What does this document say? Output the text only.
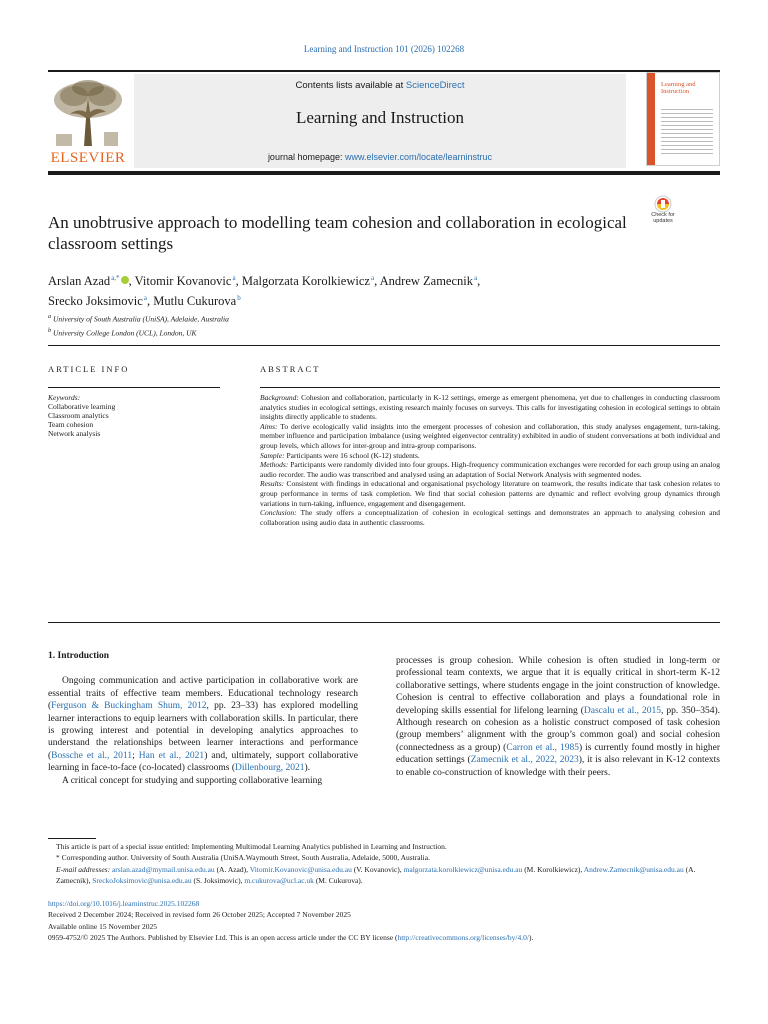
Learning and Instruction 101 (2026) 102268
ELSEVIER
Contents lists available at ScienceDirect
Learning and Instruction
journal homepage: www.elsevier.com/locate/learninstruc
Learning and Instruction
An unobtrusive approach to modelling team cohesion and collaboration in ecological classroom settings
Check for updates
Arslan Azad $^{a,*}$  , Vitomir Kovanovic $^a$, Malgorzata Korolkiewicz $^a$, Andrew Zamecnik $^a$,
Srecko Joksimovic $^a$, Mutlu Cukurova $^b$
$^a$ University of South Australia (UniSA), Adelaide, Australia
$^b$ University College London (UCL), London, UK
ARTICLE INFO
Keywords:
Collaborative learning
Classroom analytics
Team cohesion
Network analysis
ABSTRACT

Background: Cohesion and collaboration, particularly in K-12 settings, emerge as emergent phenomena, yet due to challenges in conducting classroom analytics studies in ecological settings, existing research mainly focuses on surveys. This calls for investigating cohesion in ecological settings to obtain insights directly applicable to students.

Aims: To derive ecologically valid insights into the emergent processes of cohesion and collaboration, this study analyses engagement, turn-taking, member influence and participation imbalance (using weighted eigenvector centrality) exhibited in audio of student conversations at both individual and group levels, which allows for inter-group and intra-group comparisons.

Sample: Participants were 16 school (K-12) students.

Methods: Participants were randomly divided into four groups. High-frequency communication exchanges were recorded for each group using an analog audio recorder. The audio was transcribed and analysed using an adaptation of Social Network Analysis with segmented nodes.

Results: Consistent with findings in educational and organisational psychology literature on teamwork, the results indicate that task cohesion relates to group performance in terms of task completion. We find that social cohesion patterns are dynamic and reflect evolving group dynamics through variations in turn-taking, influence, engagement and disengagement.

Conclusion: The study offers a conceptualization of cohesion in ecological settings and demonstrates an approach to analysing cohesion and collaboration using audio data in authentic classrooms.

1. Introduction

Ongoing communication and active participation in collaborative work are essential traits of effective team members. Educational technology research (Ferguson & Buckingham Shum, 2012, pp. 23–33) has explored modelling learner interactions to equip learners with collaboration skills. In particular, there is growing interest and potential in developing analytics approaches to understand the relationships between learner interactions and performance (Bossche et al., 2011; Han et al., 2021) and, ultimately, support collaborative learning in face-to-face (co-located) classrooms (Dillenbourg, 2021).

A critical concept for studying and supporting collaborative learning

processes is group cohesion. While cohesion is often studied in long-term or professional team contexts, we argue that it is equally critical in short-term K-12 collaborative settings, where students engage in the joint construction of knowledge. Cohesion is central to effective collaboration and plays a foundational role in developing skills essential for lifelong learning (Dascalu et al., 2015, pp. 350–354). Although research on cohesion as a holistic construct composed of task cohesion (group members’ alignment with the group’s common goal) and social cohesion (connectedness as a group) (Carron et al., 1985) is currently found mostly in higher education settings (Zamecnik et al., 2022, 2023), it is also relevant in K-12 contexts to enable co-construction of knowledge with their peers.

This article is part of a special issue entitled: Implementing Multimodal Learning Analytics published in Learning and Instruction.

* Corresponding author. University of South Australia (UniSA.Waymouth Street, South Australia, Adelaide, 5000, Australia.

E-mail addresses: arslan.azad@mymail.unisa.edu.au (A. Azad), Vitomir.Kovanovic@unisa.edu.au (V. Kovanovic), malgorzata.korolkiewicz@unisa.edu.au (M. Korolkiewicz), Andrew.Zamecnik@unisa.edu.au (A. Zamecnik), SreckoJoksimovic@unisa.edu.au (S. Joksimovic), m.cukurova@ucl.ac.uk (M. Cukurova).

https://doi.org/10.1016/j.learninstruc.2025.102268

Received 2 December 2024; Received in revised form 26 October 2025; Accepted 7 November 2025

Available online 15 November 2025

0959-4752/© 2025 The Authors. Published by Elsevier Ltd. This is an open access article under the CC BY license (http://creativecommons.org/licenses/by/4.0/).
